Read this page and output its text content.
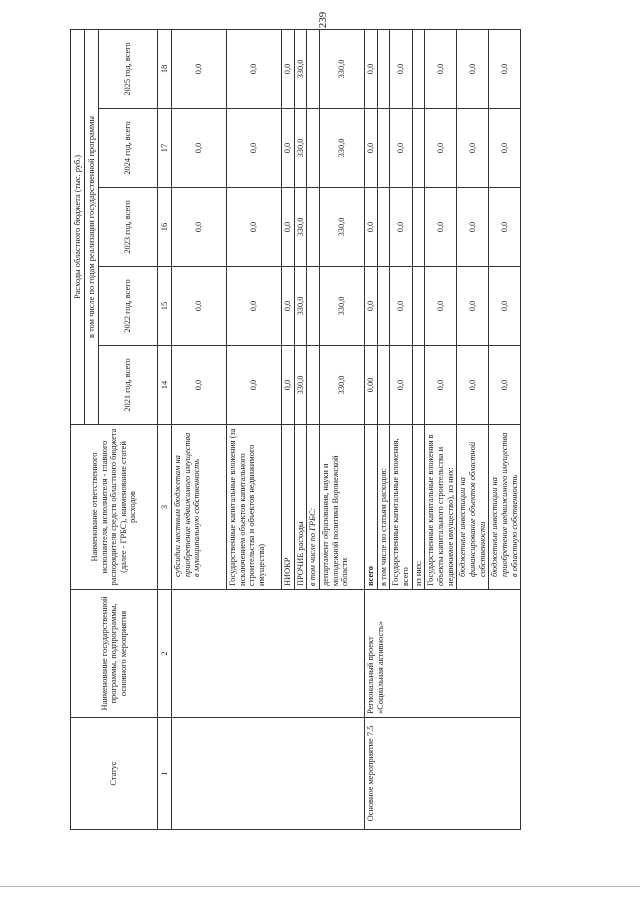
239
Статус	Наименование государственной программы, подпрограммы, основного мероприятия	Наименование ответственного исполнителя, исполнителя - главного распорядителя средств областного бюджета (далее - ГРБС), наименование статей расходов	Расходы областного бюджета (тыс. руб.)				
			в том числе по годам реализации государственной программы				
			2021 год, всего	2022 год, всего	2023 год, всего	2024 год, всего	2025 год, всего
1	2	3	14	15	16	17	18
		субсидии местным бюджетам на приобретение недвижимого имущества в муниципальную собственность	0,0	0,0	0,0	0,0	0,0
		Государственные капитальные вложения (за исключением объектов капитального строительства и объектов недвижимого имущества)	0,0	0,0	0,0	0,0	0,0
		НИОКР	0,0	0,0	0,0	0,0	0,0
		ПРОЧИЕ расходы	330,0	330,0	330,0	330,0	330,0
		в том числе по ГРБС:					
		департамент образования, науки и молодежной политики Воронежской области	330,0	330,0	330,0	330,0	330,0
Основное мероприятие 7.5	Региональный проект «Социальная активность»	всего	0,00	0,0	0,0	0,0	0,0
		в том числе по статьям расходов:					
		Государственные капитальные вложения, всего	0,0	0,0	0,0	0,0	0,0
		из них:					
		Государственные капитальные вложения в объекты капитального строительства и недвижимое имущество), из них:	0,0	0,0	0,0	0,0	0,0
		бюджетные инвестиции на финансирование объектов областной собственности	0,0	0,0	0,0	0,0	0,0
		бюджетные инвестиции на приобретение недвижимого имущества в областную собственность	0,0	0,0	0,0	0,0	0,0
